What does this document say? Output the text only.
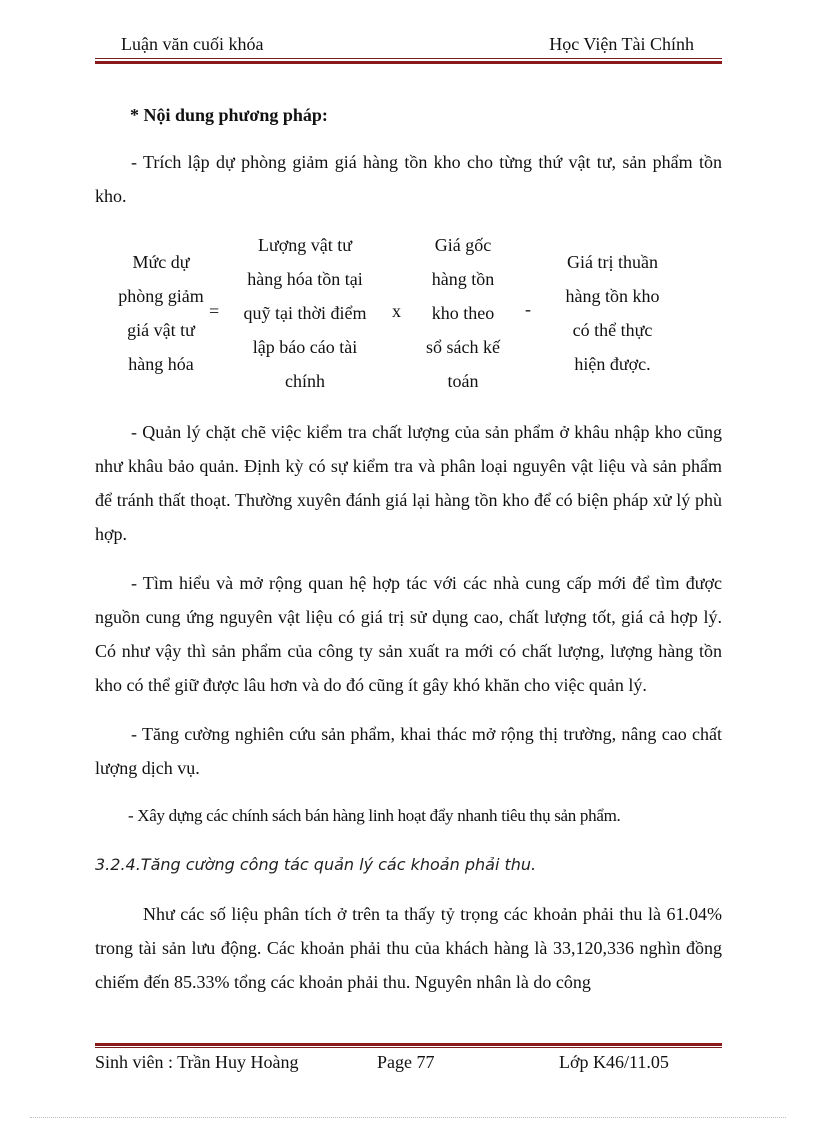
Luận văn cuối khóa	Học Viện Tài Chính
* Nội dung phương pháp:
- Trích lập dự phòng giảm giá hàng tồn kho cho từng thứ vật tư, sản phẩm tồn kho.
Mức dự
phòng giảm
giá vật tư
hàng hóa
=
Lượng vật tư
hàng hóa tồn tại
quỹ tại thời điểm
lập báo cáo tài
chính
x
Giá gốc
hàng tồn
kho theo
sổ sách kế
toán
-
Giá trị thuần
hàng tồn kho
có thể thực
hiện được.
- Quản lý chặt chẽ việc kiểm tra chất lượng của sản phẩm ở khâu nhập kho cũng như khâu bảo quản. Định kỳ có sự kiểm tra và phân loại nguyên vật liệu và sản phẩm để tránh thất thoạt. Thường xuyên đánh giá lại hàng tồn kho để có biện pháp xử lý phù hợp.
- Tìm hiểu và mở rộng quan hệ hợp tác với các nhà cung cấp mới để tìm được nguồn cung ứng nguyên vật liệu có giá trị sử dụng cao, chất lượng tốt, giá cả hợp lý. Có như vậy thì sản phẩm của công ty sản xuất ra mới có chất lượng, lượng hàng tồn kho có thể giữ được lâu hơn và do đó cũng ít gây khó khăn cho việc quản lý.
- Tăng cường nghiên cứu sản phẩm, khai thác mở rộng thị trường, nâng cao chất lượng dịch vụ.
- Xây dựng các chính sách bán hàng linh hoạt đẩy nhanh tiêu thụ sản phẩm.
3.2.4.Tăng cường công tác quản lý các khoản phải thu.
Như các số liệu phân tích ở trên ta thấy tỷ trọng các khoản phải thu là 61.04% trong tài sản lưu động. Các khoản phải thu của khách hàng là 33,120,336 nghìn đồng chiếm đến 85.33% tổng các khoản phải thu. Nguyên nhân là do công
Sinh viên : Trần Huy Hoàng	Page 77	Lớp K46/11.05
